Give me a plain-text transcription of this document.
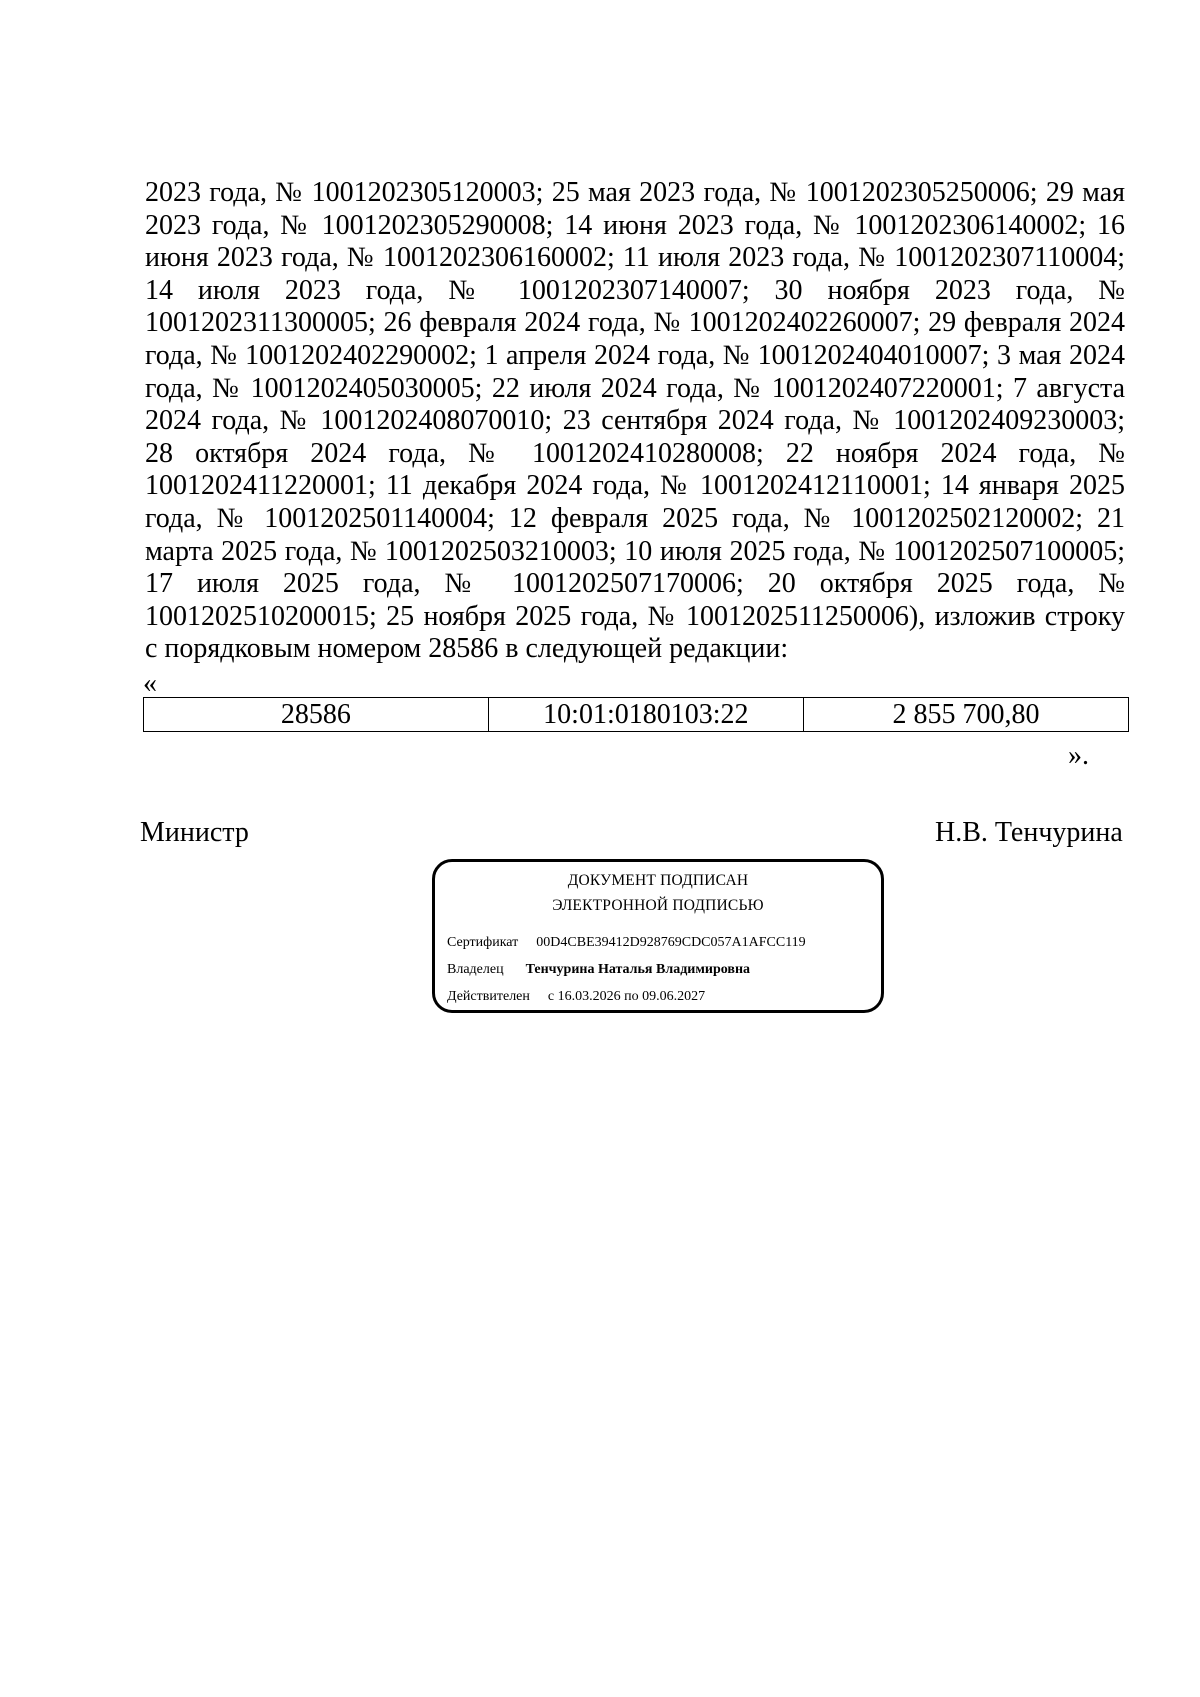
2023 года, № 1001202305120003; 25 мая 2023 года, № 1001202305250006; 29 мая
2023 года, № 1001202305290008; 14 июня 2023 года, № 1001202306140002; 16
июня 2023 года, № 1001202306160002; 11 июля 2023 года, № 1001202307110004;
14 июля 2023 года, № 1001202307140007; 30 ноября 2023 года, №
1001202311300005; 26 февраля 2024 года, № 1001202402260007; 29 февраля 2024
года, № 1001202402290002; 1 апреля 2024 года, № 1001202404010007; 3 мая 2024
года, № 1001202405030005; 22 июля 2024 года, № 1001202407220001; 7 августа
2024 года, № 1001202408070010; 23 сентября 2024 года, № 1001202409230003;
28 октября 2024 года, № 1001202410280008; 22 ноября 2024 года, №
1001202411220001; 11 декабря 2024 года, № 1001202412110001; 14 января 2025
года, № 1001202501140004; 12 февраля 2025 года, № 1001202502120002; 21
марта 2025 года, № 1001202503210003; 10 июля 2025 года, № 1001202507100005;
17 июля 2025 года, № 1001202507170006; 20 октября 2025 года, №
1001202510200015; 25 ноября 2025 года, № 1001202511250006), изложив строку
с порядковым номером 28586 в следующей редакции:

«
28586	10:01:0180103:22	2 855 700,80
».
Министр	Н.В. Тенчурина
ДОКУМЕНТ ПОДПИСАН
ЭЛЕКТРОННОЙ ПОДПИСЬЮ
Сертификат 00D4CBE39412D928769CDC057A1AFCC119
Владелец Тенчурина Наталья Владимировна
Действителен с 16.03.2026 по 09.06.2027
